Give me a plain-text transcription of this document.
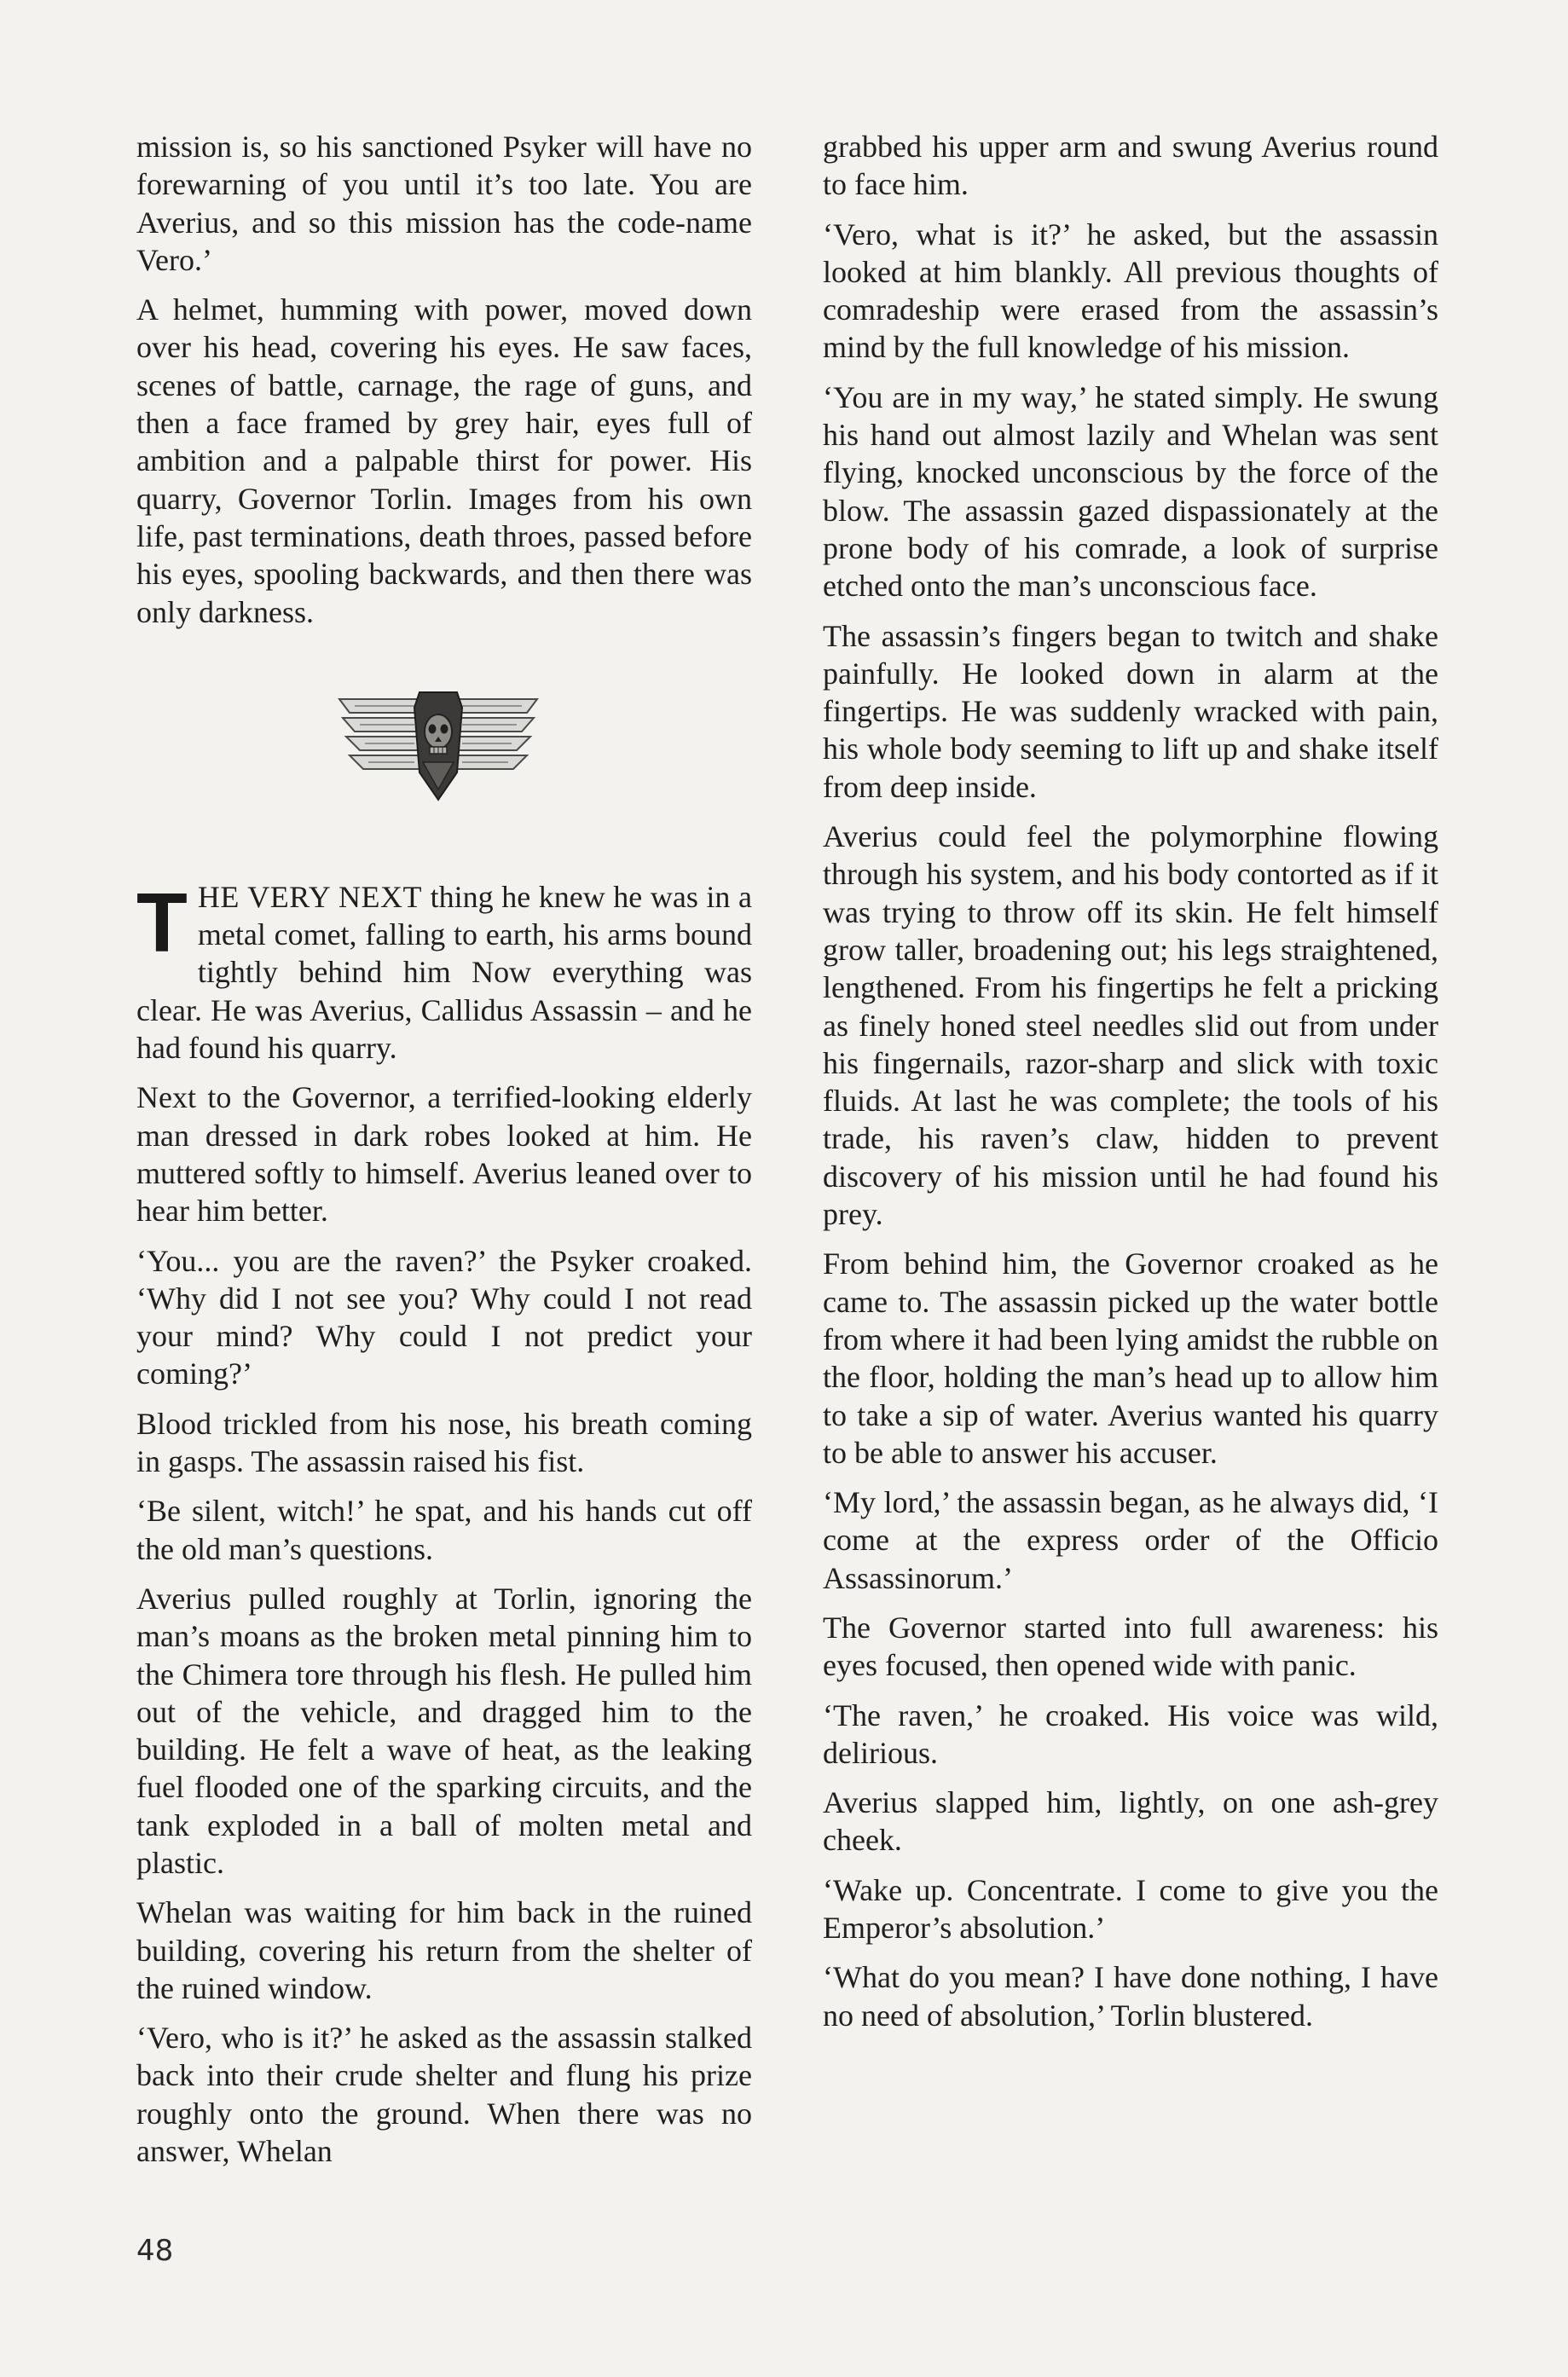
mission is, so his sanctioned Psyker will have no forewarning of you until it’s too late. You are Averius, and so this mission has the code-name Vero.’

A helmet, humming with power, moved down over his head, covering his eyes. He saw faces, scenes of battle, carnage, the rage of guns, and then a face framed by grey hair, eyes full of ambition and a palpable thirst for power. His quarry, Governor Torlin. Images from his own life, past terminations, death throes, passed before his eyes, spooling backwards, and then there was only darkness.

THE VERY NEXT thing he knew he was in a metal comet, falling to earth, his arms bound tightly behind him Now everything was clear. He was Averius, Callidus Assassin – and he had found his quarry.

Next to the Governor, a terrified-looking elderly man dressed in dark robes looked at him. He muttered softly to himself. Averius leaned over to hear him better.

‘You... you are the raven?’ the Psyker croaked. ‘Why did I not see you? Why could I not read your mind? Why could I not predict your coming?’

Blood trickled from his nose, his breath coming in gasps. The assassin raised his fist.

‘Be silent, witch!’ he spat, and his hands cut off the old man’s questions.

Averius pulled roughly at Torlin, ignoring the man’s moans as the broken metal pinning him to the Chimera tore through his flesh. He pulled him out of the vehicle, and dragged him to the building. He felt a wave of heat, as the leaking fuel flooded one of the sparking circuits, and the tank exploded in a ball of molten metal and plastic.

Whelan was waiting for him back in the ruined building, covering his return from the shelter of the ruined window.

‘Vero, who is it?’ he asked as the assassin stalked back into their crude shelter and flung his prize roughly onto the ground. When there was no answer, Whelan

grabbed his upper arm and swung Averius round to face him.

‘Vero, what is it?’ he asked, but the assassin looked at him blankly. All previous thoughts of comradeship were erased from the assassin’s mind by the full knowledge of his mission.

‘You are in my way,’ he stated simply. He swung his hand out almost lazily and Whelan was sent flying, knocked unconscious by the force of the blow. The assassin gazed dispassionately at the prone body of his comrade, a look of surprise etched onto the man’s unconscious face.

The assassin’s fingers began to twitch and shake painfully. He looked down in alarm at the fingertips. He was suddenly wracked with pain, his whole body seeming to lift up and shake itself from deep inside.

Averius could feel the polymorphine flowing through his system, and his body contorted as if it was trying to throw off its skin. He felt himself grow taller, broadening out; his legs straightened, lengthened. From his fingertips he felt a pricking as finely honed steel needles slid out from under his fingernails, razor-sharp and slick with toxic fluids. At last he was complete; the tools of his trade, his raven’s claw, hidden to prevent discovery of his mission until he had found his prey.

From behind him, the Governor croaked as he came to. The assassin picked up the water bottle from where it had been lying amidst the rubble on the floor, holding the man’s head up to allow him to take a sip of water. Averius wanted his quarry to be able to answer his accuser.

‘My lord,’ the assassin began, as he always did, ‘I come at the express order of the Officio Assassinorum.’

The Governor started into full awareness: his eyes focused, then opened wide with panic.

‘The raven,’ he croaked. His voice was wild, delirious.

Averius slapped him, lightly, on one ash-grey cheek.

‘Wake up. Concentrate. I come to give you the Emperor’s absolution.’

‘What do you mean? I have done nothing, I have no need of absolution,’ Torlin blustered.

48
